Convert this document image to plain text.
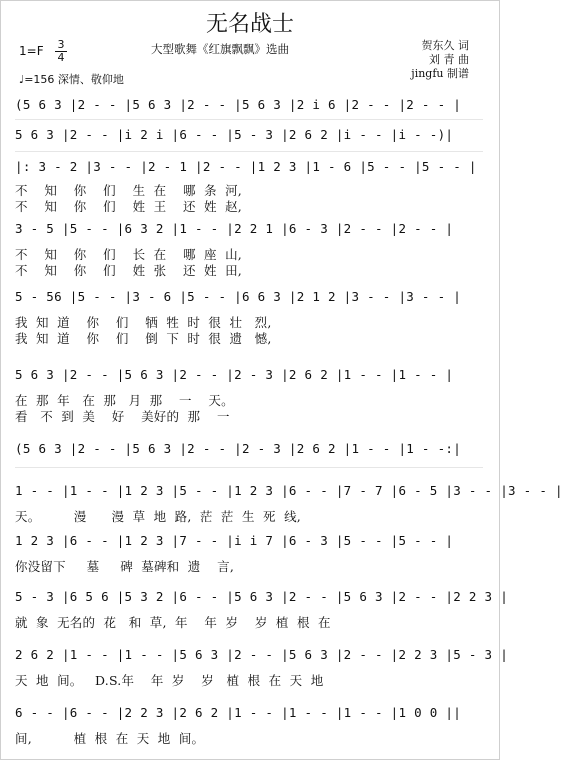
无名战士
$1=F \frac{3}{4}$	大型歌舞《红旗飘飘》选曲
♩=156 深情、敬仰地
贺东久 词
刘 青 曲
jingfu 制谱
(5 6 3 |2 - - |5 6 3 |2 - - |5 6 3 |2 i 6 |2 - - |2 - - |
5 6 3 |2 - - |i 2 i |6 - - |5 - 3 |2 6 2 |i - - |i - -)|
|: 3 - 2 |3 - - |2 - 1 |2 - - |1 2 3 |1 - 6 |5 - - |5 - - |
不    知    你    们    生  在    哪  条  河,
不    知    你    们    姓  王    还  姓  赵,
3 - 5 |5 - - |6 3 2 |1 - - |2 2 1 |6 - 3 |2 - - |2 - - |
不    知    你    们    长  在    哪  座  山,
不    知    你    们    姓  张    还  姓  田,
5 - 56 |5 - - |3 - 6 |5 - - |6 6 3 |2 1 2 |3 - - |3 - - |
我  知  道    你    们    牺  牲  时  很  壮   烈,
我  知  道    你    们    倒  下  时  很  遗   憾,
5 6 3 |2 - - |5 6 3 |2 - - |2 - 3 |2 6 2 |1 - - |1 - - |
在  那  年   在  那   月  那    一    天。
看   不  到  美    好    美好的  那    一
(5 6 3 |2 - - |5 6 3 |2 - - |2 - 3 |2 6 2 |1 - - |1 - -:|
1 - - |1 - - |1 2 3 |5 - - |1 2 3 |6 - - |7 - 7 |6 - 5 |3 - - |3 - - |
天。        漫      漫  草  地  路,  茫  茫  生  死  线,
1 2 3 |6 - - |1 2 3 |7 - - |i i 7 |6 - 3 |5 - - |5 - - |
你没留下     墓     碑  墓碑和  遗    言,
5 - 3 |6 5 6 |5 3 2 |6 - - |5 6 3 |2 - - |5 6 3 |2 - - |2 2 3 |
就  象  无名的  花   和  草,  年    年  岁    岁  植  根  在
2 6 2 |1 - - |1 - - |5 6 3 |2 - - |5 6 3 |2 - - |2 2 3 |5 - 3 |
天  地  间。   D.S.年    年  岁    岁   植  根  在  天  地
6 - - |6 - - |2 2 3 |2 6 2 |1 - - |1 - - |1 - - |1 0 0 ||
间,          植  根  在  天  地  间。
